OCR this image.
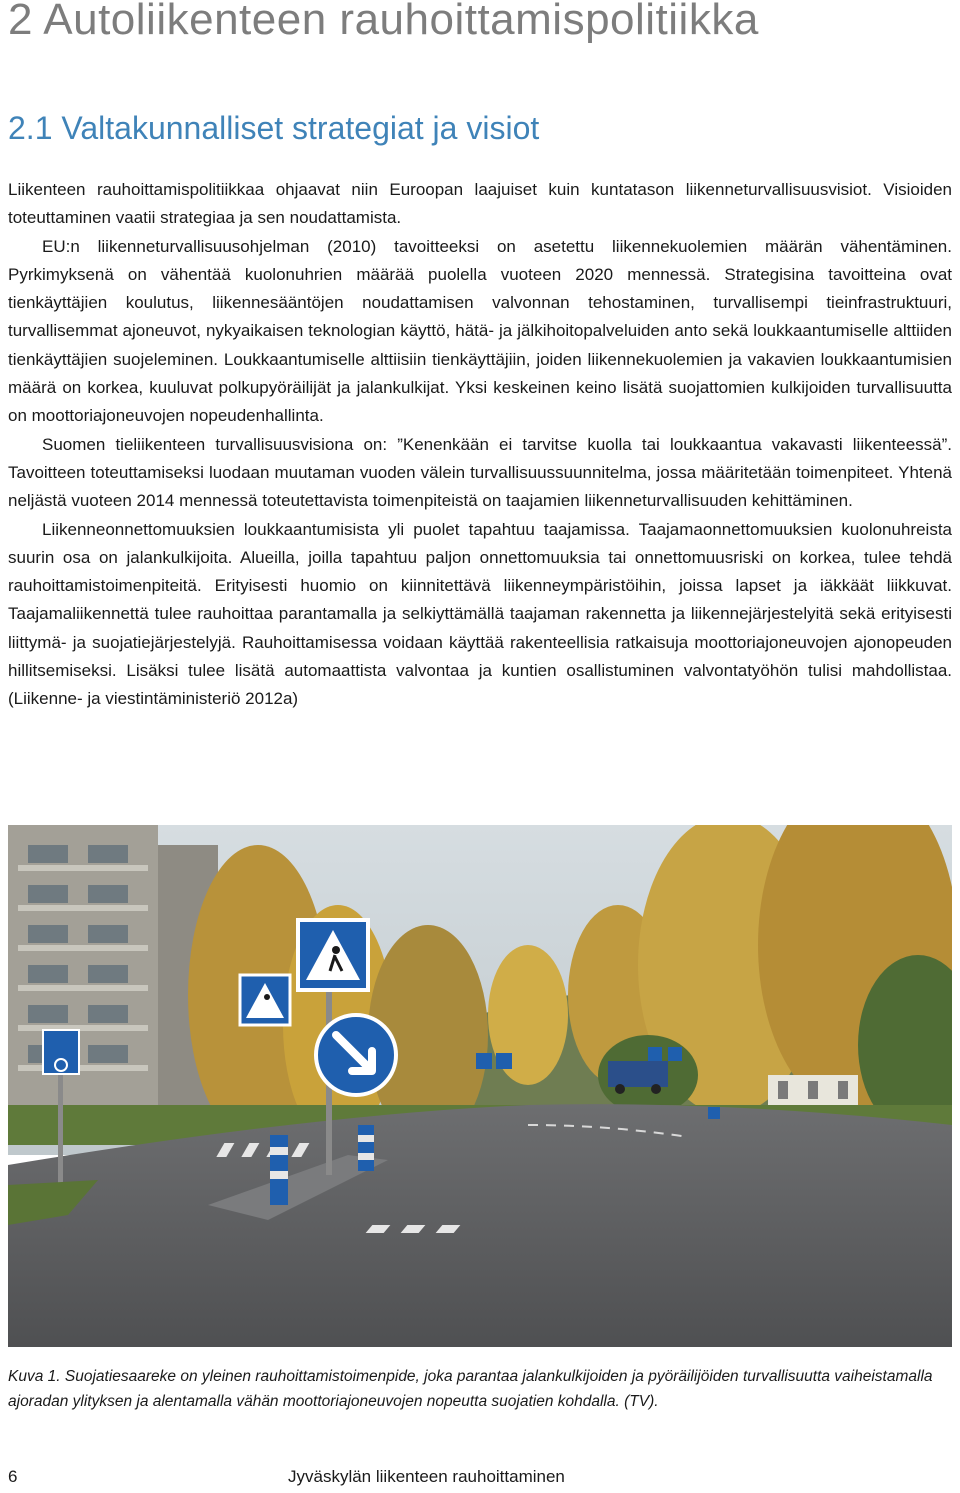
2 Autoliikenteen rauhoittamispolitiikka
2.1 Valtakunnalliset strategiat ja visiot

Liikenteen rauhoittamispolitiikkaa ohjaavat niin Euroopan laajuiset kuin kuntatason liikenneturvallisuusvisiot. Visioiden toteuttaminen vaatii strategiaa ja sen noudattamista.

EU:n liikenneturvallisuusohjelman (2010) tavoitteeksi on asetettu liikennekuolemien määrän vähentäminen. Pyrkimyksenä on vähentää kuolonuhrien määrää puolella vuoteen 2020 mennessä. Strategisina tavoitteina ovat tienkäyttäjien koulutus, liikennesääntöjen noudattamisen valvonnan tehostaminen, turvallisempi tieinfrastruktuuri, turvallisemmat ajoneuvot, nykyaikaisen teknologian käyttö, hätä- ja jälkihoitopalveluiden anto sekä loukkaantumiselle alttiiden tienkäyttäjien suojeleminen. Loukkaantumiselle alttiisiin tienkäyttäjiin, joiden liikennekuolemien ja vakavien loukkaantumisien määrä on korkea, kuuluvat polkupyöräilijät ja jalankulkijat. Yksi keskeinen keino lisätä suojattomien kulkijoiden turvallisuutta on moottoriajoneuvojen nopeudenhallinta.

Suomen tieliikenteen turvallisuusvisiona on: ”Kenenkään ei tarvitse kuolla tai loukkaantua vakavasti liikenteessä”. Tavoitteen toteuttamiseksi luodaan muutaman vuoden välein turvallisuussuunnitelma, jossa määritetään toimenpiteet. Yhtenä neljästä vuoteen 2014 mennessä toteutettavista toimenpiteistä on taajamien liikenneturvallisuuden kehittäminen.

Liikenneonnettomuuksien loukkaantumisista yli puolet tapahtuu taajamissa. Taajamaonnettomuuksien kuolonuhreista suurin osa on jalankulkijoita. Alueilla, joilla tapahtuu paljon onnettomuuksia tai onnettomuusriski on korkea, tulee tehdä rauhoittamistoimenpiteitä. Erityisesti huomio on kiinnitettävä liikenneympäristöihin, joissa lapset ja iäkkäät liikkuvat. Taajamaliikennettä tulee rauhoittaa parantamalla ja selkiyttämällä taajaman rakennetta ja liikennejärjestelyitä sekä erityisesti liittymä- ja suojatiejärjestelyjä. Rauhoittamisessa voidaan käyttää rakenteellisia ratkaisuja moottoriajoneuvojen ajonopeuden hillitsemiseksi. Lisäksi tulee lisätä automaattista valvontaa ja kuntien osallistuminen valvontatyöhön tulisi mahdollistaa. (Liikenne- ja viestintäministeriö 2012a)

Kuva 1. Suojatiesaareke on yleinen rauhoittamistoimenpide, joka parantaa jalankulkijoiden ja pyöräilijöiden turvallisuutta vaiheistamalla ajoradan ylityksen ja alentamalla vähän moottoriajoneuvojen nopeutta suojatien kohdalla. (TV).

6	Jyväskylän liikenteen rauhoittaminen
